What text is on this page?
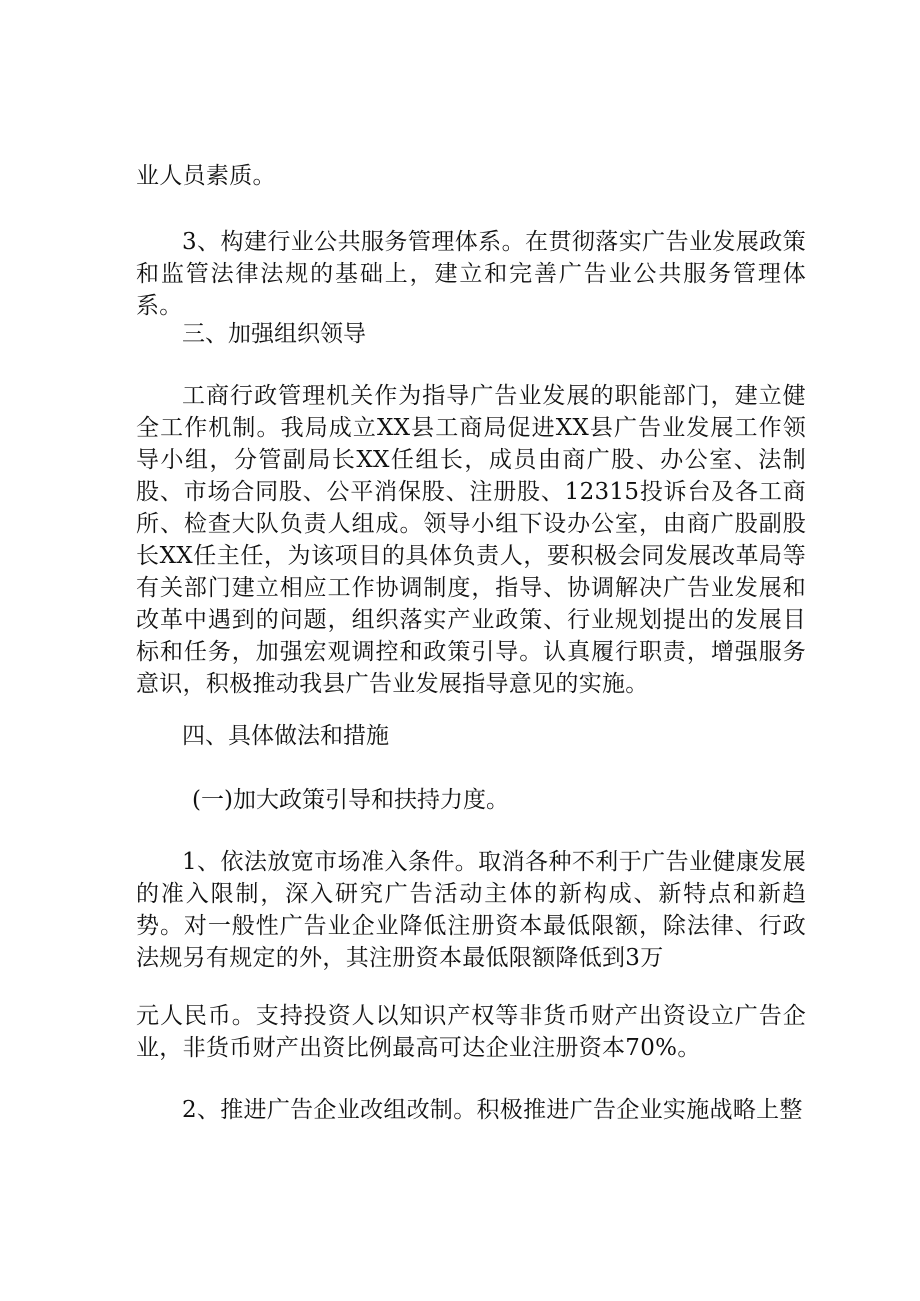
业人员素质。

3、构建行业公共服务管理体系。在贯彻落实广告业发展政策和监管法律法规的基础上，建立和完善广告业公共服务管理体系。

三、加强组织领导

工商行政管理机关作为指导广告业发展的职能部门，建立健全工作机制。我局成立XX县工商局促进XX县广告业发展工作领导小组，分管副局长XX任组长，成员由商广股、办公室、法制股、市场合同股、公平消保股、注册股、12315投诉台及各工商所、检查大队负责人组成。领导小组下设办公室，由商广股副股长XX任主任，为该项目的具体负责人，要积极会同发展改革局等有关部门建立相应工作协调制度，指导、协调解决广告业发展和改革中遇到的问题，组织落实产业政策、行业规划提出的发展目标和任务，加强宏观调控和政策引导。认真履行职责，增强服务意识，积极推动我县广告业发展指导意见的实施。

四、具体做法和措施

(一)加大政策引导和扶持力度。

1、依法放宽市场准入条件。取消各种不利于广告业健康发展的准入限制，深入研究广告活动主体的新构成、新特点和新趋势。对一般性广告业企业降低注册资本最低限额，除法律、行政法规另有规定的外，其注册资本最低限额降低到3万

元人民币。支持投资人以知识产权等非货币财产出资设立广告企业，非货币财产出资比例最高可达企业注册资本70%。

2、推进广告企业改组改制。积极推进广告企业实施战略上整
